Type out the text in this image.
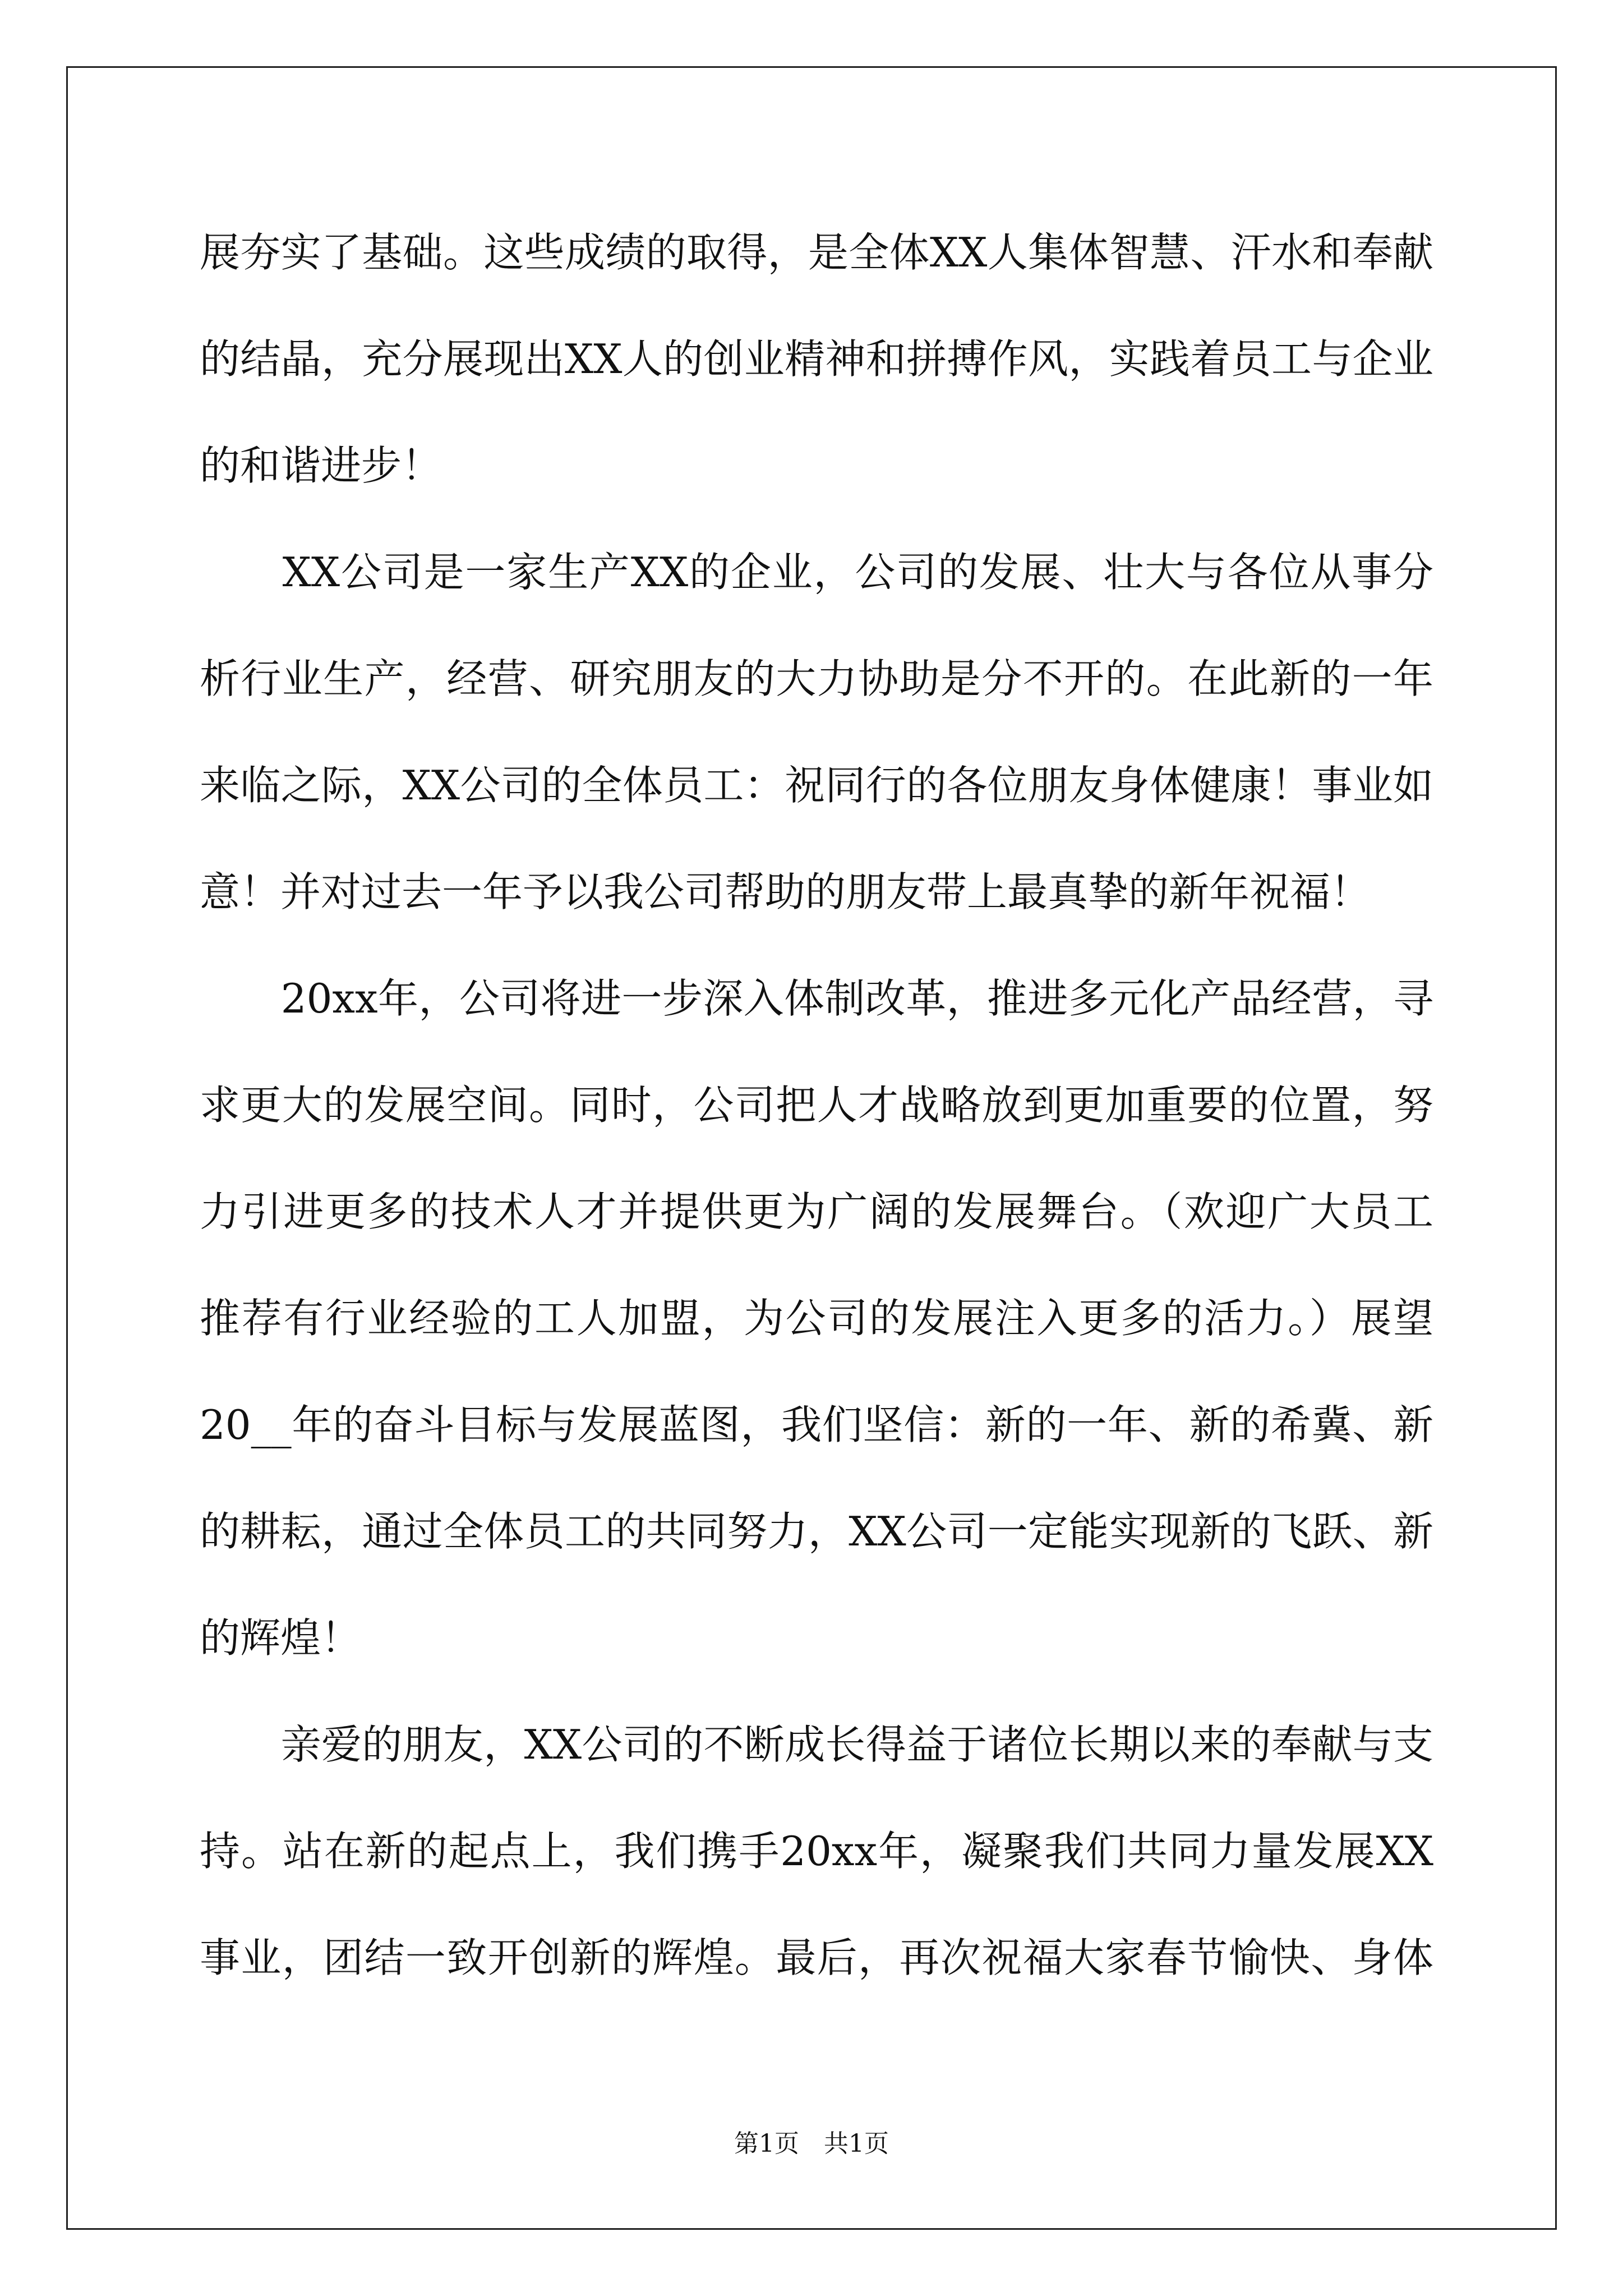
展夯实了基础。这些成绩的取得，是全体XX人集体智慧、汗水和奉献
的结晶，充分展现出XX人的创业精神和拼搏作风，实践着员工与企业
的和谐进步！
　　XX公司是一家生产XX的企业，公司的发展、壮大与各位从事分
析行业生产，经营、研究朋友的大力协助是分不开的。在此新的一年
来临之际，XX公司的全体员工：祝同行的各位朋友身体健康！事业如
意！并对过去一年予以我公司帮助的朋友带上最真挚的新年祝福！
　　20xx年，公司将进一步深入体制改革，推进多元化产品经营，寻
求更大的发展空间。同时，公司把人才战略放到更加重要的位置，努
力引进更多的技术人才并提供更为广阔的发展舞台。（欢迎广大员工
推荐有行业经验的工人加盟，为公司的发展注入更多的活力。）展望
20__年的奋斗目标与发展蓝图，我们坚信：新的一年、新的希冀、新
的耕耘，通过全体员工的共同努力，XX公司一定能实现新的飞跃、新
的辉煌！
　　亲爱的朋友，XX公司的不断成长得益于诸位长期以来的奉献与支
持。站在新的起点上，我们携手20xx年，凝聚我们共同力量发展XX
事业，团结一致开创新的辉煌。最后，再次祝福大家春节愉快、身体
第1页　共1页
